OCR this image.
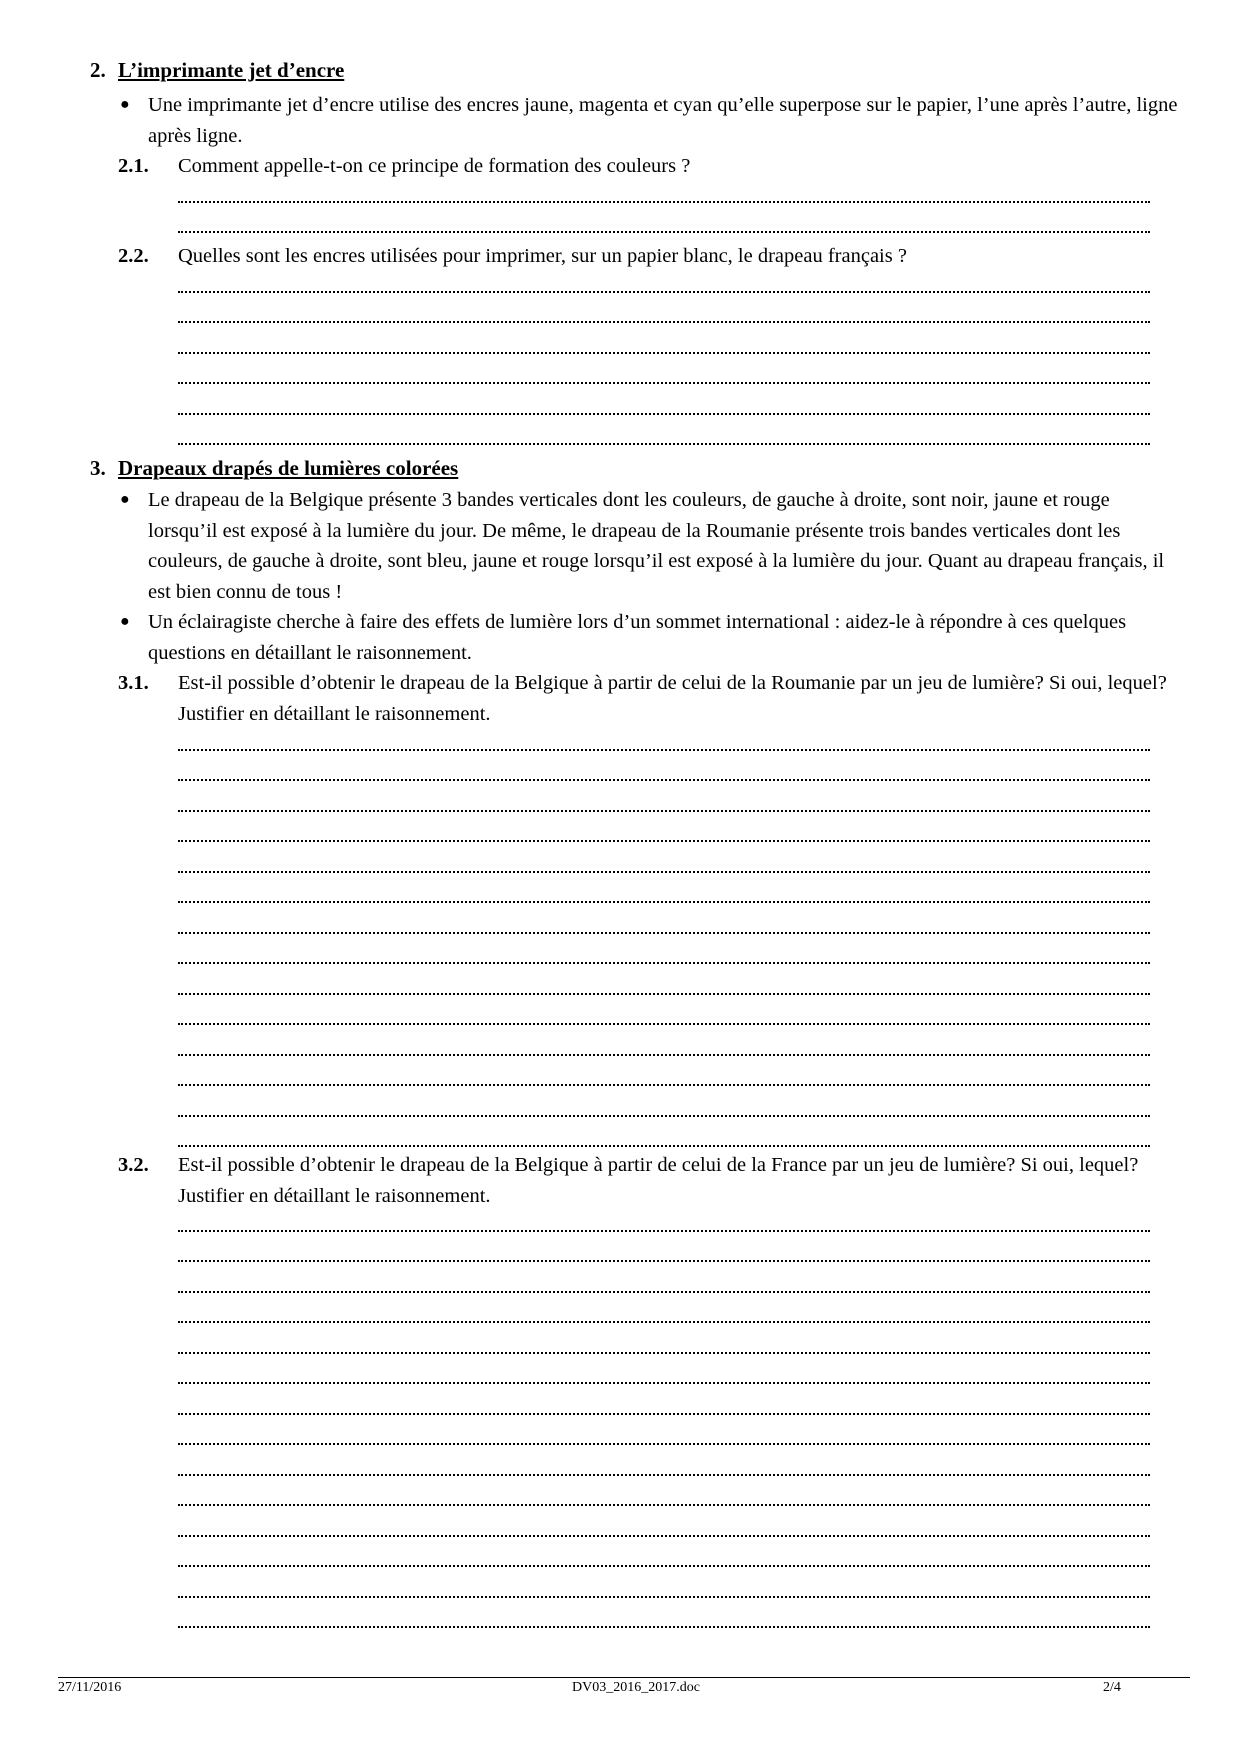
2. L’imprimante jet d’encre
● Une imprimante jet d’encre utilise des encres jaune, magenta et cyan qu’elle superpose sur le papier, l’une après l’autre, ligne après ligne.
2.1. Comment appelle-t-on ce principe de formation des couleurs ?
2.2. Quelles sont les encres utilisées pour imprimer, sur un papier blanc, le drapeau français ?
3. Drapeaux drapés de lumières colorées
● Le drapeau de la Belgique présente 3 bandes verticales dont les couleurs, de gauche à droite, sont noir, jaune et rouge lorsqu’il est exposé à la lumière du jour. De même, le drapeau de la Roumanie présente trois bandes verticales dont les couleurs, de gauche à droite, sont bleu, jaune et rouge lorsqu’il est exposé à la lumière du jour. Quant au drapeau français, il est bien connu de tous !
● Un éclairagiste cherche à faire des effets de lumière lors d’un sommet international : aidez-le à répondre à ces quelques questions en détaillant le raisonnement.
3.1. Est-il possible d’obtenir le drapeau de la Belgique à partir de celui de la Roumanie par un jeu de lumière? Si oui, lequel? Justifier en détaillant le raisonnement.
3.2. Est-il possible d’obtenir le drapeau de la Belgique à partir de celui de la France par un jeu de lumière? Si oui, lequel? Justifier en détaillant le raisonnement.
27/11/2016	DV03_2016_2017.doc	2/4
